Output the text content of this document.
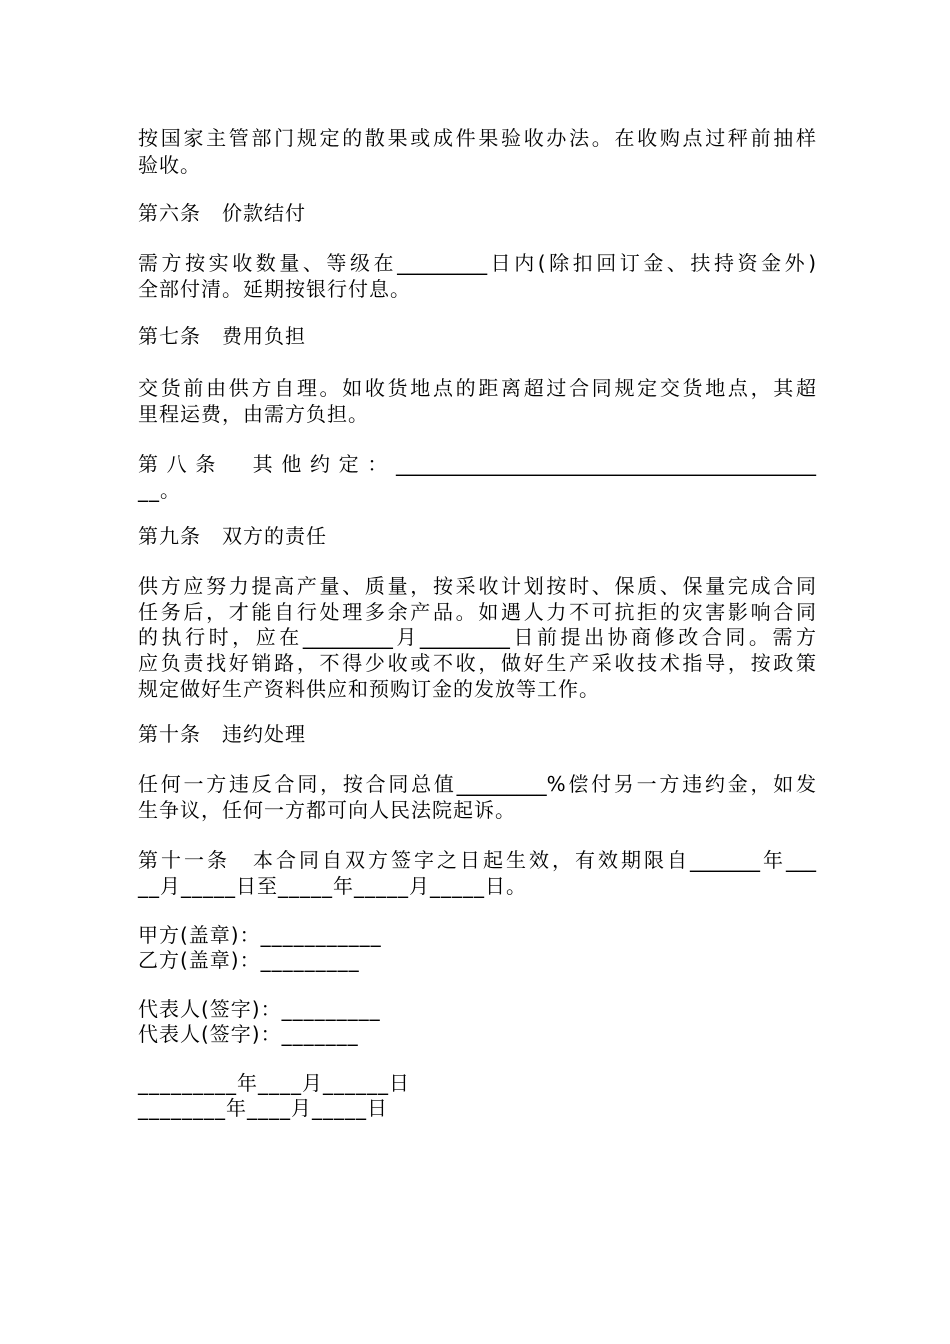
按国家主管部门规定的散果或成件果验收办法。在收购点过秤前抽样
验收。
第六条　价款结付
需方按实收数量、等级在_________日内(除扣回订金、扶持资金外)
全部付清。延期按银行付息。
第七条　费用负担
交货前由供方自理。如收货地点的距离超过合同规定交货地点，其超
里程运费，由需方负担。
第八条　其他约定：__________________________________________
__。
第九条　双方的责任
供方应努力提高产量、质量，按采收计划按时、保质、保量完成合同
任务后，才能自行处理多余产品。如遇人力不可抗拒的灾害影响合同
的执行时，应在_________月_________日前提出协商修改合同。需方
应负责找好销路，不得少收或不收，做好生产采收技术指导，按政策
规定做好生产资料供应和预购订金的发放等工作。
第十条　违约处理
任何一方违反合同，按合同总值_________%偿付另一方违约金，如发
生争议，任何一方都可向人民法院起诉。
第十一条　本合同自双方签字之日起生效，有效期限自_______年___
__月_____日至_____年_____月_____日。
甲方(盖章)：___________
乙方(盖章)：_________
代表人(签字)：_________
代表人(签字)：_______
_________年____月______日
________年____月_____日
